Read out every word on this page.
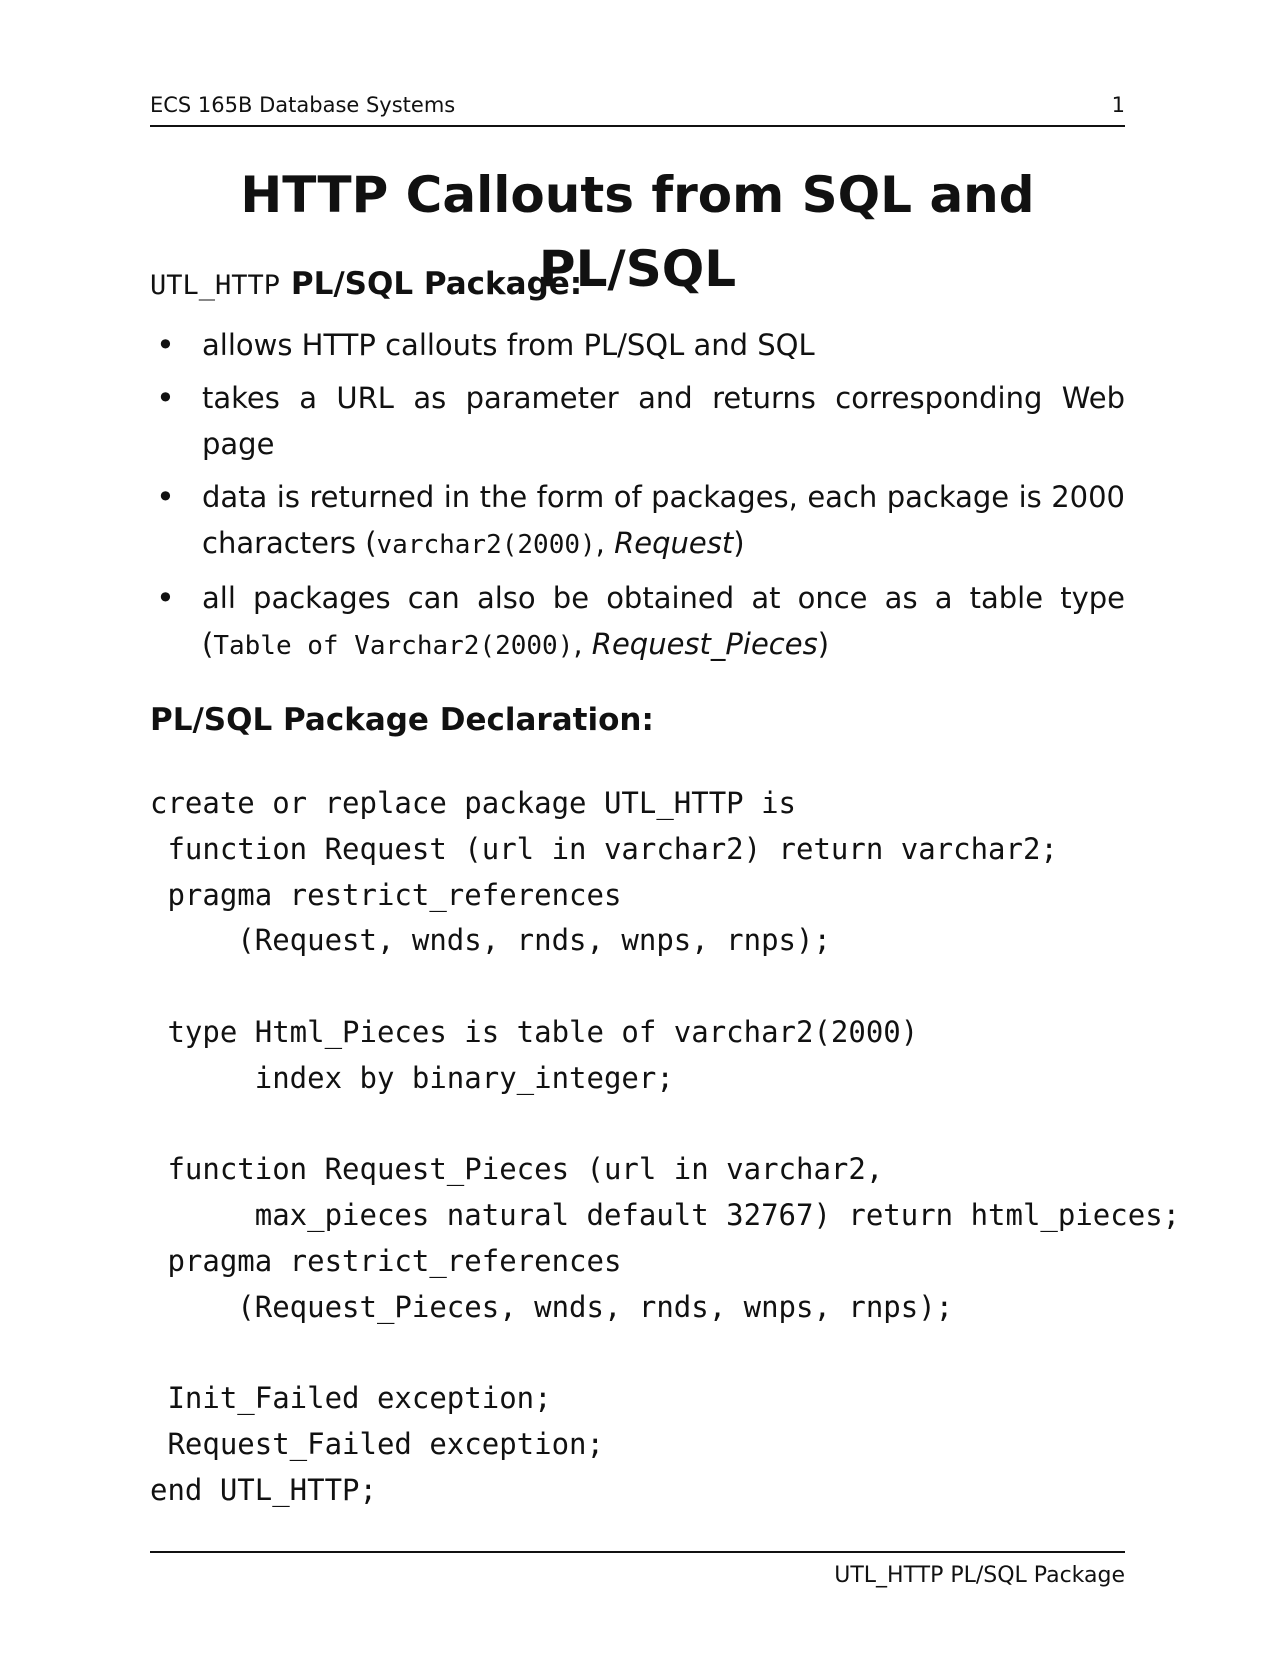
ECS 165B Database Systems	1
HTTP Callouts from SQL and PL/SQL
UTL_HTTP PL/SQL Package:
• allows HTTP callouts from PL/SQL and SQL
• takes a URL as parameter and returns corresponding Web page
• data is returned in the form of packages, each package is 2000 characters (varchar2(2000), Request)
• all packages can also be obtained at once as a table type (Table of Varchar2(2000), Request_Pieces)
PL/SQL Package Declaration:
create or replace package UTL_HTTP is
function Request (url in varchar2) return varchar2;
pragma restrict_references
(Request, wnds, rnds, wnps, rnps);

type Html_Pieces is table of varchar2(2000)
index by binary_integer;

function Request_Pieces (url in varchar2,
max_pieces natural default 32767) return html_pieces;
pragma restrict_references
(Request_Pieces, wnds, rnds, wnps, rnps);

Init_Failed exception;
Request_Failed exception;
end UTL_HTTP;
UTL_HTTP PL/SQL Package
